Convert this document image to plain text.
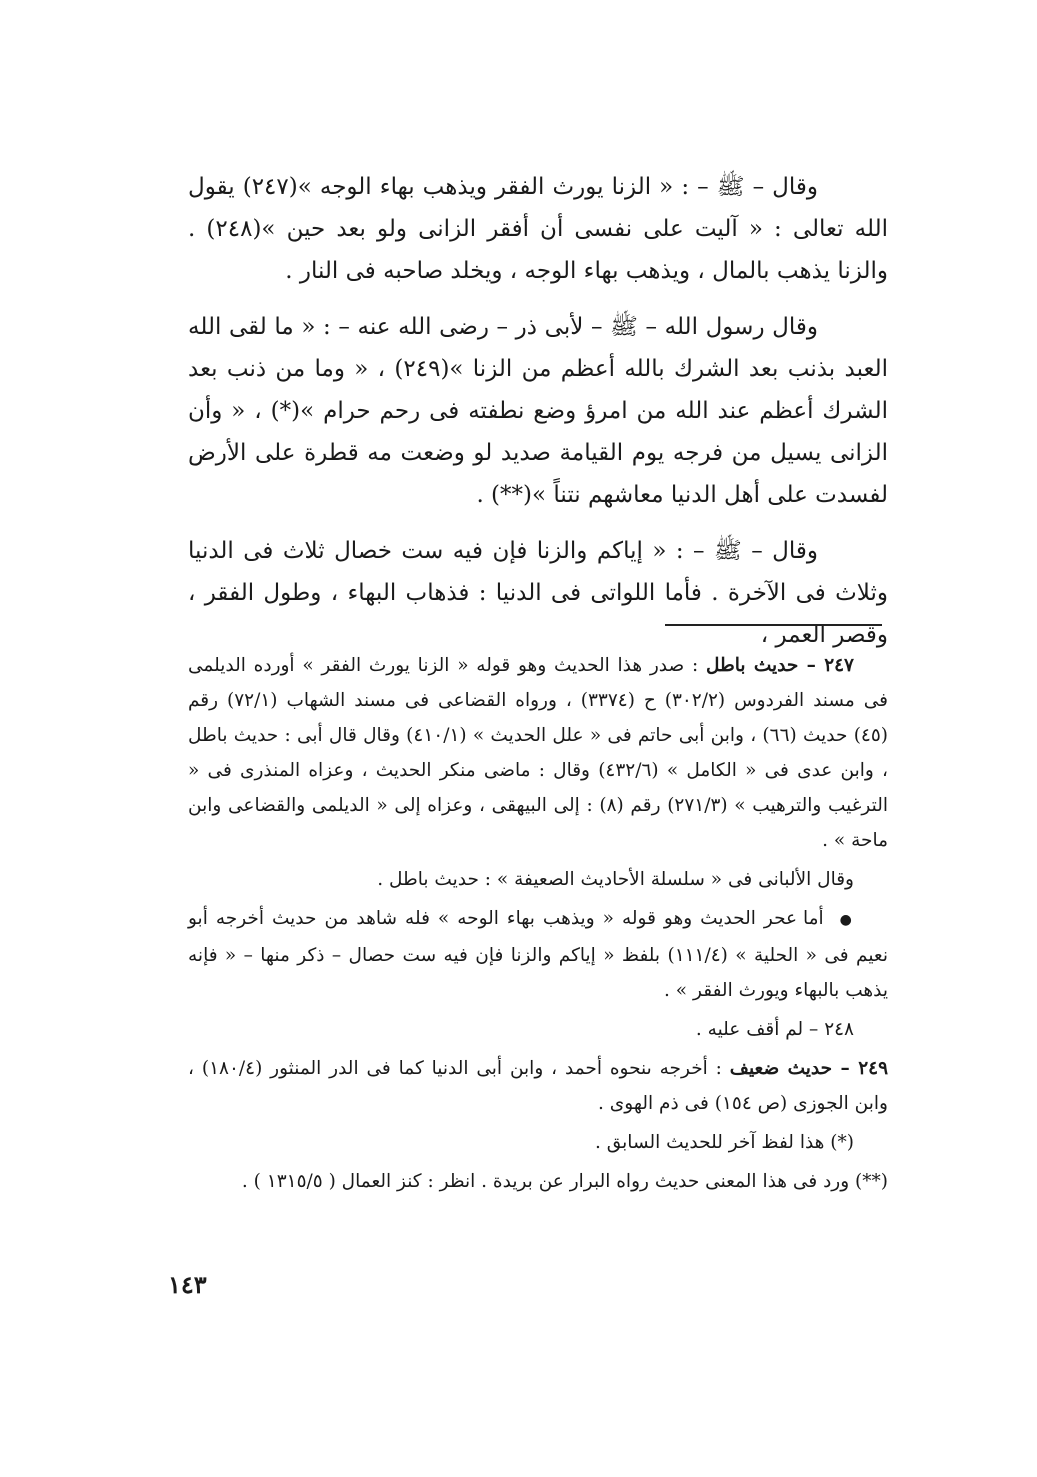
وقال – ﷺ – : « الزنا يورث الفقر ويذهب بهاء الوجه »(٢٤٧) يقول الله تعالى : « آليت على نفسى أن أفقر الزانى ولو بعد حين »(٢٤٨) . والزنا يذهب بالمال ، ويذهب بهاء الوجه ، ويخلد صاحبه فى النار .

وقال رسول الله – ﷺ – لأبى ذر – رضى الله عنه – : « ما لقى الله العبد بذنب بعد الشرك بالله أعظم من الزنا »(٢٤٩) ، « وما من ذنب بعد الشرك أعظم عند الله من امرؤ وضع نطفته فى رحم حرام »(*) ، « وأن الزانى يسيل من فرجه يوم القيامة صديد لو وضعت مه قطرة على الأرض لفسدت على أهل الدنيا معاشهم نتناً »(**) .

وقال – ﷺ – : « إياكم والزنا فإن فيه ست خصال ثلاث فى الدنيا وثلاث فى الآخرة . فأما اللواتى فى الدنيا : فذهاب البهاء ، وطول الفقر ، وقصر العمر ،

٢٤٧ – حديث باطل : صدر هذا الحديث وهو قوله « الزنا يورث الفقر » أورده الديلمى فى مسند الفردوس (٣٠٢/٢) ح (٣٣٧٤) ، ورواه القضاعى فى مسند الشهاب (٧٢/١) رقم (٤٥) حديث (٦٦) ، وابن أبى حاتم فى « علل الحديث » (٤١٠/١) وقال قال أبى : حديث باطل ، وابن عدى فى « الكامل » (٤٣٢/٦) وقال : ماضى منكر الحديث ، وعزاه المنذرى فى « الترغيب والترهيب » (٢٧١/٣) رقم (٨) : إلى البيهقى ، وعزاه إلى « الديلمى والقضاعى وابن ماحة » .

وقال الألبانى فى « سلسلة الأحاديث الصعيفة » : حديث باطل .

● أما عحر الحديث وهو قوله « ويذهب بهاء الوحه » فله شاهد من حديث أخرجه أبو نعيم فى « الحلية » (١١١/٤) بلفظ « إياكم والزنا فإن فيه ست حصال – ذكر منها – « فإنه يذهب بالبهاء ويورث الفقر » .

٢٤٨ – لم أقف عليه .

٢٤٩ – حديث ضعيف : أخرجه ىنحوه أحمد ، وابن أبى الدنيا كما فى الدر المنثور (١٨٠/٤) ، وابن الجوزى (ص ١٥٤) فى ذم الهوى .

(*) هذا لفظ آخر للحديث السابق .

(**) ورد فى هذا المعنى حديث رواه البرار عن بريدة . انظر : كنز العمال ( ١٣١٥/٥ ) .

١٤٣
